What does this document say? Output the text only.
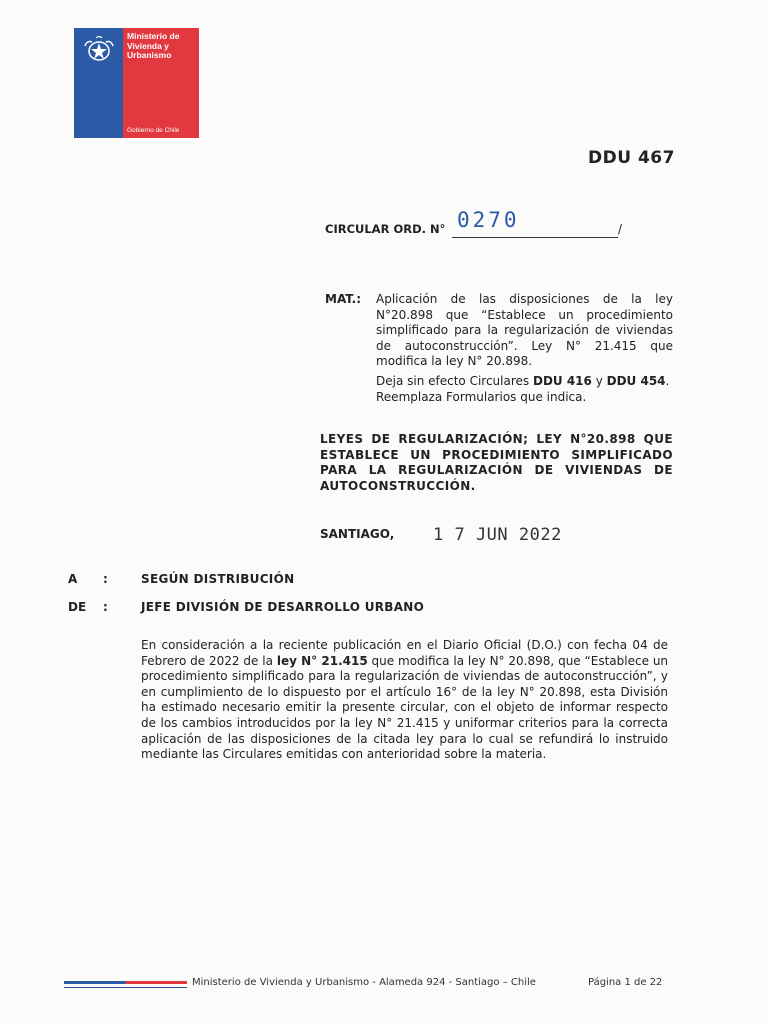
Ministerio de
Vivienda y
Urbanismo
Gobierno de Chile
DDU 467
CIRCULAR ORD. N° 0270	/
MAT.: Aplicación de las disposiciones de la ley N°20.898 que “Establece un procedimiento simplificado para la regularización de viviendas de autoconstrucción”. Ley N° 21.415 que modifica la ley N° 20.898.

Deja sin efecto Circulares DDU 416 y DDU 454. Reemplaza Formularios que indica.

LEYES DE REGULARIZACIÓN; LEY N°20.898 QUE ESTABLECE UN PROCEDIMIENTO SIMPLIFICADO PARA LA REGULARIZACIÓN DE VIVIENDAS DE AUTOCONSTRUCCIÓN.

SANTIAGO, 1 7 JUN 2022
A :	SEGÚN DISTRIBUCIÓN
DE :	JEFE DIVISIÓN DE DESARROLLO URBANO

En consideración a la reciente publicación en el Diario Oficial (D.O.) con fecha 04 de Febrero de 2022 de la ley N° 21.415 que modifica la ley N° 20.898, que “Establece un procedimiento simplificado para la regularización de viviendas de autoconstrucción”, y en cumplimiento de lo dispuesto por el artículo 16° de la ley N° 20.898, esta División ha estimado necesario emitir la presente circular, con el objeto de informar respecto de los cambios introducidos por la ley N° 21.415 y uniformar criterios para la correcta aplicación de las disposiciones de la citada ley para lo cual se refundirá lo instruido mediante las Circulares emitidas con anterioridad sobre la materia.

Ministerio de Vivienda y Urbanismo - Alameda 924 - Santiago – Chile	Página 1 de 22
